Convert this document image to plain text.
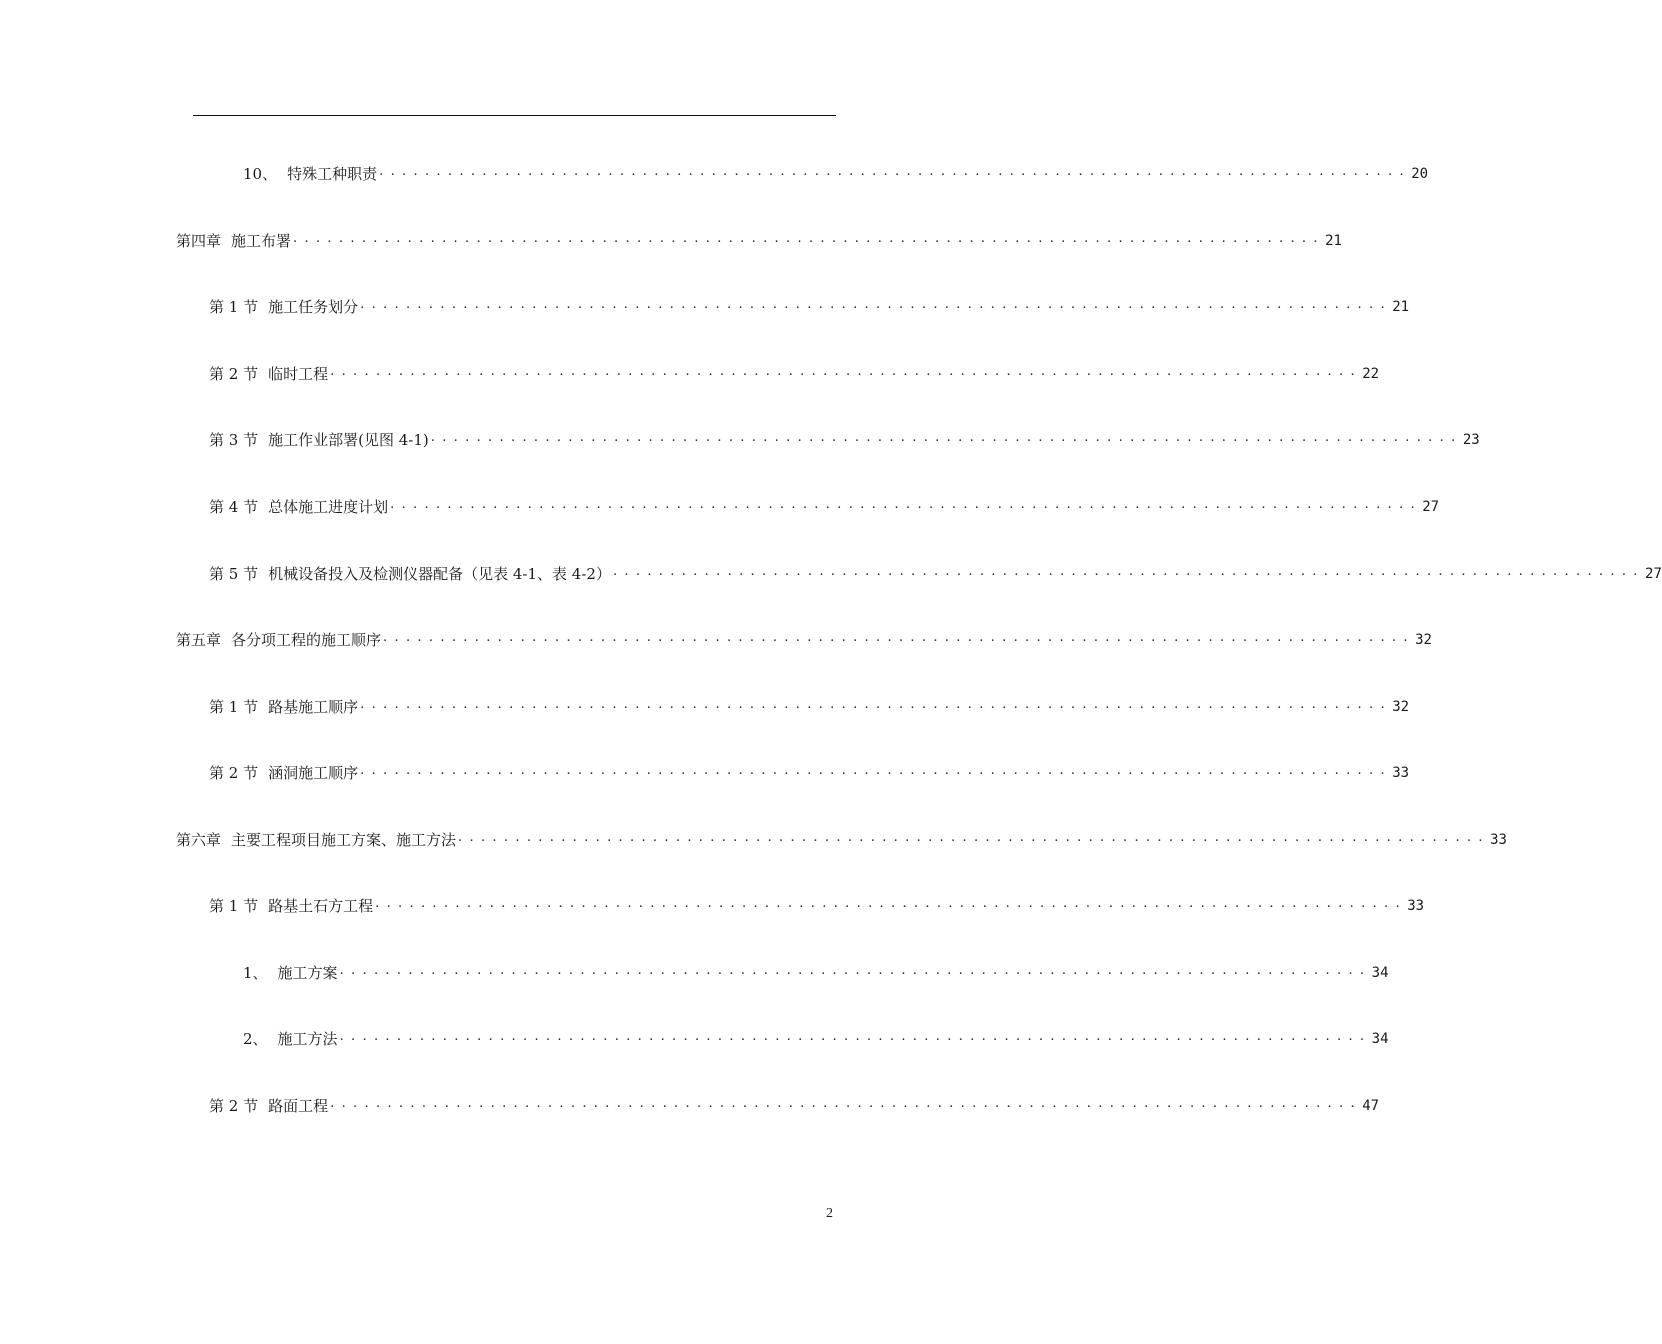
10、 特殊工种职责 . . . . . . . . . . . . . . . . . . . . . . . . . . . . . . . . . . . . . . . . . . . . . . . . . . . . . . . . . . . . . . . . . . . . . . . . . . . . . . . . . . . . . . . . . . 20
第四章 施工布署 . . . . . . . . . . . . . . . . . . . . . . . . . . . . . . . . . . . . . . . . . . . . . . . . . . . . . . . . . . . . . . . . . . . . . . . . . . . . . . . . . . . . . . . . . . 21
第 1 节 施工任务划分 . . . . . . . . . . . . . . . . . . . . . . . . . . . . . . . . . . . . . . . . . . . . . . . . . . . . . . . . . . . . . . . . . . . . . . . . . . . . . . . . . . . . . . . . . . 21
第 2 节 临时工程 . . . . . . . . . . . . . . . . . . . . . . . . . . . . . . . . . . . . . . . . . . . . . . . . . . . . . . . . . . . . . . . . . . . . . . . . . . . . . . . . . . . . . . . . . . 22
第 3 节 施工作业部署(见图 4-1) . . . . . . . . . . . . . . . . . . . . . . . . . . . . . . . . . . . . . . . . . . . . . . . . . . . . . . . . . . . . . . . . . . . . . . . . . . . . . . . . . . . . . . . . . . 23
第 4 节 总体施工进度计划 . . . . . . . . . . . . . . . . . . . . . . . . . . . . . . . . . . . . . . . . . . . . . . . . . . . . . . . . . . . . . . . . . . . . . . . . . . . . . . . . . . . . . . . . . . 27
第 5 节 机械设备投入及检测仪器配备（见表 4-1、表 4-2） . . . . . . . . . . . . . . . . . . . . . . . . . . . . . . . . . . . . . . . . . . . . . . . . . . . . . . . . . . . . . . . . . . . . . . . . . . . . . . . . . . . . . . . . . . 27
第五章 各分项工程的施工顺序 . . . . . . . . . . . . . . . . . . . . . . . . . . . . . . . . . . . . . . . . . . . . . . . . . . . . . . . . . . . . . . . . . . . . . . . . . . . . . . . . . . . . . . . . . . 32
第 1 节 路基施工顺序 . . . . . . . . . . . . . . . . . . . . . . . . . . . . . . . . . . . . . . . . . . . . . . . . . . . . . . . . . . . . . . . . . . . . . . . . . . . . . . . . . . . . . . . . . . 32
第 2 节 涵洞施工顺序 . . . . . . . . . . . . . . . . . . . . . . . . . . . . . . . . . . . . . . . . . . . . . . . . . . . . . . . . . . . . . . . . . . . . . . . . . . . . . . . . . . . . . . . . . . 33
第六章 主要工程项目施工方案、施工方法 . . . . . . . . . . . . . . . . . . . . . . . . . . . . . . . . . . . . . . . . . . . . . . . . . . . . . . . . . . . . . . . . . . . . . . . . . . . . . . . . . . . . . . . . . . 33
第 1 节 路基土石方工程 . . . . . . . . . . . . . . . . . . . . . . . . . . . . . . . . . . . . . . . . . . . . . . . . . . . . . . . . . . . . . . . . . . . . . . . . . . . . . . . . . . . . . . . . . . 33
1、 施工方案 . . . . . . . . . . . . . . . . . . . . . . . . . . . . . . . . . . . . . . . . . . . . . . . . . . . . . . . . . . . . . . . . . . . . . . . . . . . . . . . . . . . . . . . . . . 34
2、 施工方法 . . . . . . . . . . . . . . . . . . . . . . . . . . . . . . . . . . . . . . . . . . . . . . . . . . . . . . . . . . . . . . . . . . . . . . . . . . . . . . . . . . . . . . . . . . 34
第 2 节 路面工程 . . . . . . . . . . . . . . . . . . . . . . . . . . . . . . . . . . . . . . . . . . . . . . . . . . . . . . . . . . . . . . . . . . . . . . . . . . . . . . . . . . . . . . . . . . 47
2
